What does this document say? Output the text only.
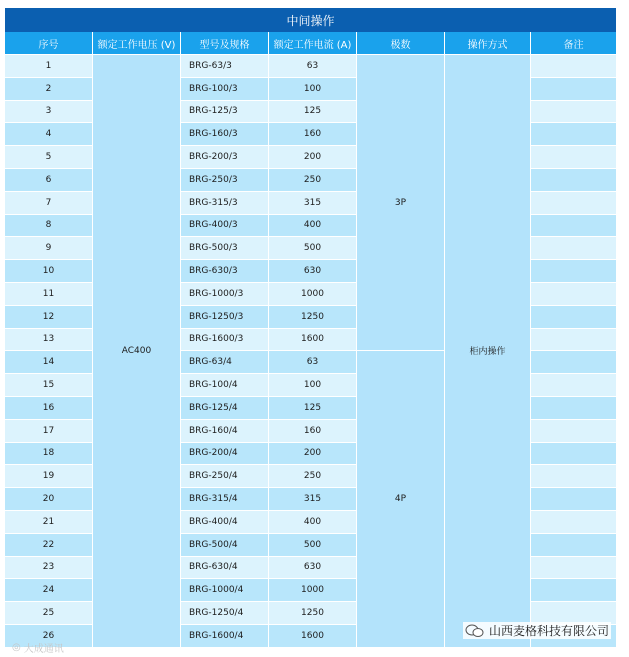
中间操作
序号	额定工作电压 (V)	型号及规格	额定工作电流 (A)	极数	操作方式	备注
1	AC400	BRG-63/3	63	3P	柜内操作	
2		BRG-100/3	100			
3		BRG-125/3	125			
4		BRG-160/3	160			
5		BRG-200/3	200			
6		BRG-250/3	250			
7		BRG-315/3	315			
8		BRG-400/3	400			
9		BRG-500/3	500			
10		BRG-630/3	630			
11		BRG-1000/3	1000			
12		BRG-1250/3	1250			
13		BRG-1600/3	1600			
14		BRG-63/4	63	4P		
15		BRG-100/4	100			
16		BRG-125/4	125			
17		BRG-160/4	160			
18		BRG-200/4	200			
19		BRG-250/4	250			
20		BRG-315/4	315			
21		BRG-400/4	400			
22		BRG-500/4	500			
23		BRG-630/4	630			
24		BRG-1000/4	1000			
25		BRG-1250/4	1250			
26		BRG-1600/4	1600			
◎ 大成通讯
山西麦格科技有限公司
